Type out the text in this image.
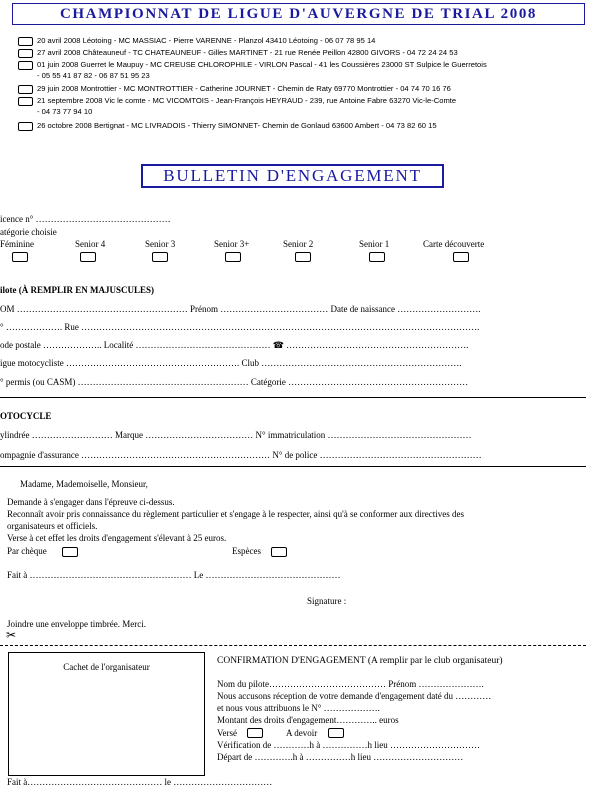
CHAMPIONNAT DE LIGUE D'AUVERGNE DE TRIAL 2008
20 avril 2008 Léotoing - MC MASSIAC - Pierre VARENNE - Planzol 43410 Léotoing - 06 07 78 95 14
27 avril 2008 Châteauneuf - TC CHATEAUNEUF - Gilles MARTINET - 21 rue Renée Peillon 42800 GIVORS - 04 72 24 24 53
01 juin 2008 Guerret le Maupuy - MC CREUSE CHLOROPHILE - VIRLON Pascal - 41 les Coussières 23000 ST Sulpice le Guerretois
- 05 55 41 87 82 - 06 87 51 95 23
29 juin 2008 Montrottier - MC MONTROTTIER - Catherine JOURNET - Chemin de Raty 69770 Montrottier - 04 74 70 16 76
21 septembre 2008 Vic le comte - MC VICOMTOIS - Jean-François HEYRAUD - 239, rue Antoine Fabre 63270 Vic-le-Comte
- 04 73 77 94 10
26 octobre 2008 Bertignat - MC LIVRADOIS - Thierry SIMONNET- Chemin de Gonlaud 63600 Ambert - 04 73 82 60 15
BULLETIN D'ENGAGEMENT
icence n° ………………………………………
atégorie choisie
Féminine	Senior 4	Senior 3	Senior 3+	Senior 2	Senior 1	Carte découverte
ilote (À REMPLIR EN MAJUSCULES)
OM ………………………………………………… Prénom ……………………………… Date de naissance ……………………….
° ………………. Rue …………………………………………………………………………………………………………………….
ode postale ……………….. Localité ……………………………………… ☎ …………………………………………………….
igue motocycliste …………………………………………………. Club ………………………………………………………….
° permis (ou CASM) ………………………………………………… Catégorie ……………………………………………………
OTOCYCLE
ylindrée ……………………… Marque ……………………………… N° immatriculation …………………………………………
ompagnie d'assurance ……………………………………………………… N° de police ………………………………………………
Madame, Mademoiselle, Monsieur,
Demande à s'engager dans l'épreuve ci-dessus.
Reconnaît avoir pris connaissance du règlement particulier et s'engage à le respecter, ainsi qu'à se conformer aux directives des
organisateurs et officiels.
Verse à cet effet les droits d'engagement s'élevant à 25 euros.
Par chèque	Espèces
Fait à ……………………………………………… Le ………………………………………
Signature :
Joindre une enveloppe timbrée. Merci.
✂
Cachet de l'organisateur
CONFIRMATION D'ENGAGEMENT (A remplir par le club organisateur)
Nom du pilote………………………………… Prénom ………………….
Nous accusons réception de votre demande d'engagement daté du …………
et nous vous attribuons le N° ……………….
Montant des droits d'engagement………….. euros
Versé	A devoir
Vérification de …………h à ……………h lieu …………………………
Départ de ………….h à ……………h lieu …………………………
Fait à……………………………………… le ……………………………
